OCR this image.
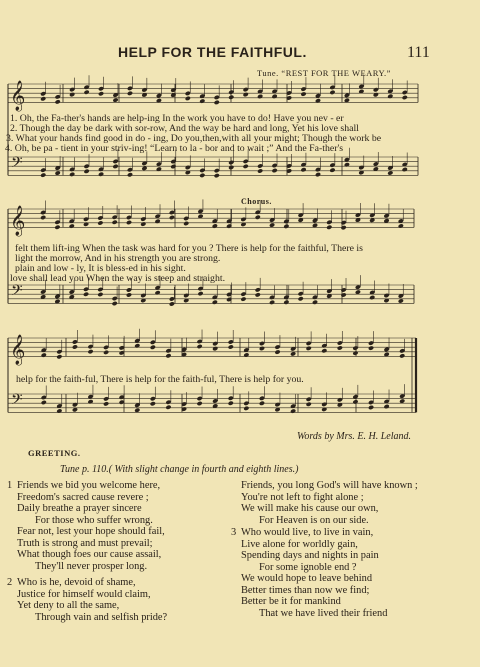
HELP FOR THE FAITHFUL.	111
Tune. “REST FOR THE WEARY.”
𝄞
𝄢
𝄞
𝄢
𝄞
𝄢
1. Oh, the Fa-ther's hands are help-ing In the work you have to do! Have you nev - er
2. Though the day be dark with sor-row, And the way be hard and long, Yet his love shall
3. What your hands find good in do - ing, Do you,then,with all your might; Though the work be
4. Oh, be pa - tient in your striv-ing! “Learn to la - bor and to wait ;” And the Fa-ther's
Chorus.
felt them lift-ing When the task was hard for you ? There is help for the faithful, There is
light the morrow, And in his strength you are strong.
plain and low - ly, It is bless-ed in his sight.
love shall lead you When the way is steep and straight.
help for the faith-ful, There is help for the faith-ful, There is help for you.
Words by Mrs. E. H. Leland.
GREETING.
Tune p. 110.( With slight change in fourth and eighth lines.)
1 Friends we bid you welcome here,
Freedom's sacred cause revere ;
Daily breathe a prayer sincere
For those who suffer wrong.
Fear not, lest your hope should fail,
Truth is strong and must prevail;
What though foes our cause assail,
They'll never prosper long.
2 Who is he, devoid of shame,
Justice for himself would claim,
Yet deny to all the same,
Through vain and selfish pride?
Friends, you long God's will have known ;
You're not left to fight alone ;
We will make his cause our own,
For Heaven is on our side.
3 Who would live, to live in vain,
Live alone for worldly gain,
Spending days and nights in pain
For some ignoble end ?
We would hope to leave behind
Better times than now we find;
Better be it for mankind
That we have lived their friend
